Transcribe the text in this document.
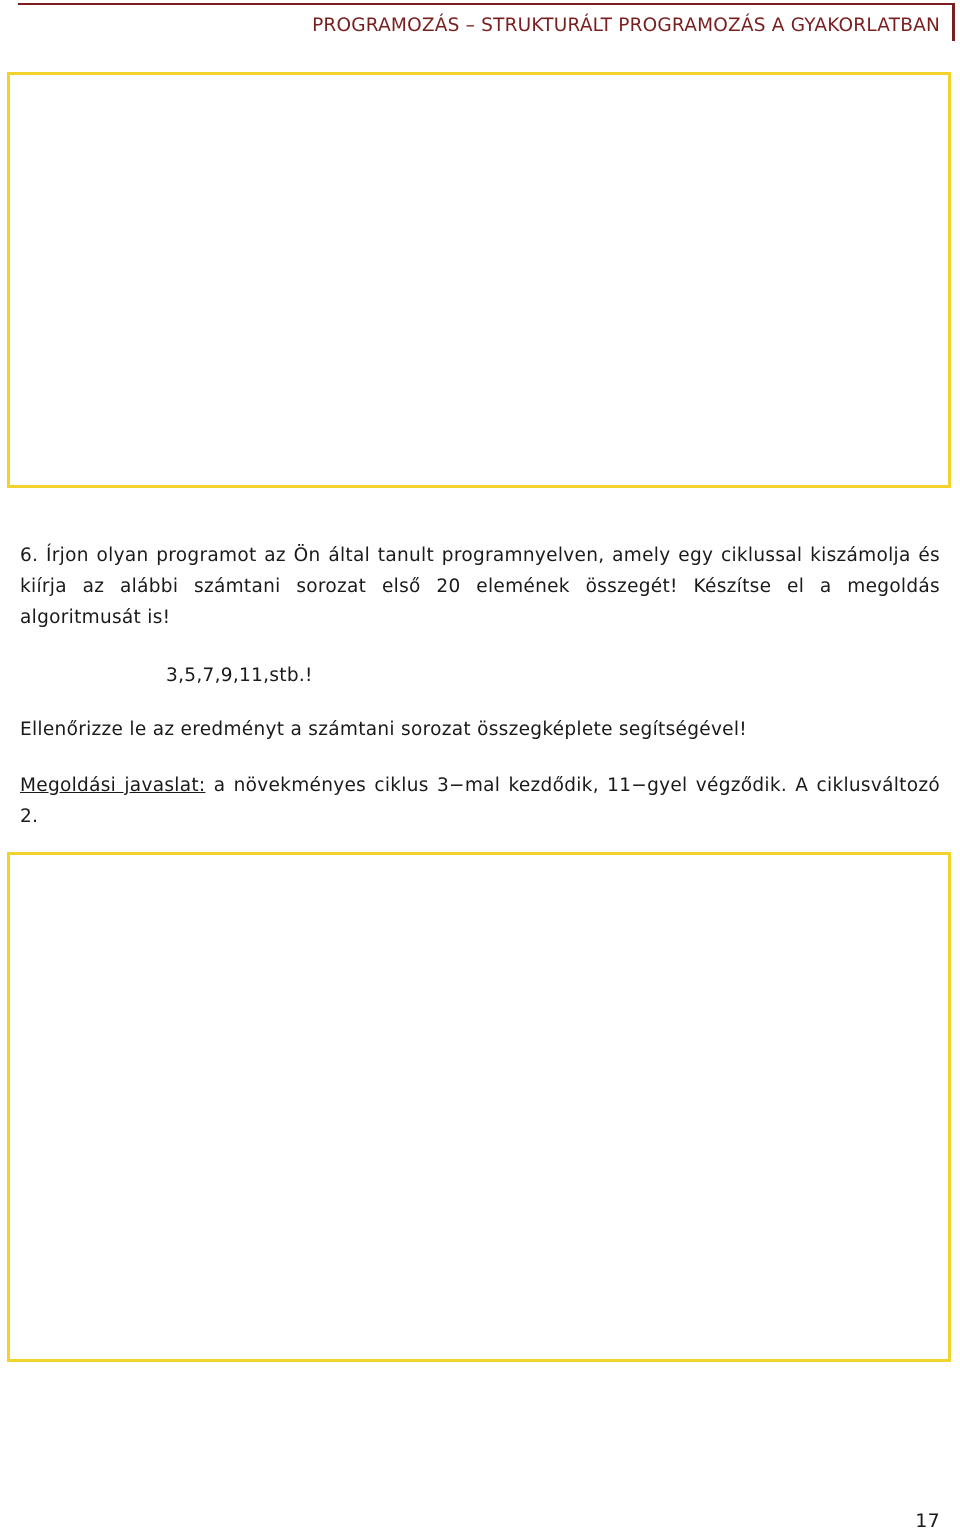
PROGRAMOZÁS – STRUKTURÁLT PROGRAMOZÁS A GYAKORLATBAN
6. Írjon olyan programot az Ön által tanult programnyelven, amely egy ciklussal kiszámolja és kiírja az alábbi számtani sorozat első 20 elemének összegét! Készítse el a megoldás algoritmusát is!
3,5,7,9,11,stb.!
Ellenőrizze le az eredményt a számtani sorozat összegképlete segítségével!
Megoldási javaslat: a növekményes ciklus 3−mal kezdődik, 11−gyel végződik. A ciklusváltozó 2.
17
